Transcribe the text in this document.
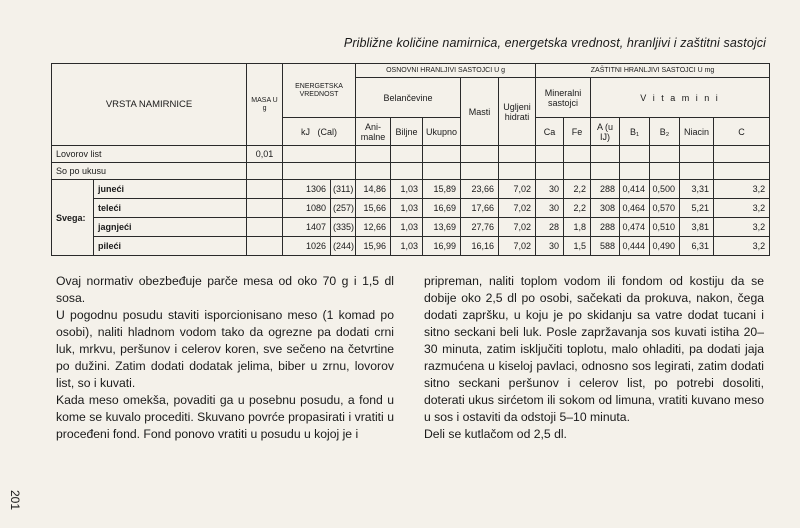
Približne količine namirnica, energetska vrednost, hranljivi i zaštitni sastojci
VRSTA NAMIRNICE		MASA U g	ENERGETSKA VREDNOST		OSNOVNI HRANLJIVI SASTOJCI U g					ZAŠTITNI HRANLJIVI SASTOJCI U mg						
					Belančevine			Masti	Ugljeni hidrati	Mineralni sastojci		V i t a m i n i				
			kJ   (Cal)		Ani- malne	Biljne	Ukupno			Ca	Fe	A (u IJ)	B₁	B₂	Niacin	C
Lovorov list		0,01														
So po ukusu																
Svega:	junеći		1306	(311)	14,86	1,03	15,89	23,66	7,02	30	2,2	288	0,414	0,500	3,31	3,2
	teleći		1080	(257)	15,66	1,03	16,69	17,66	7,02	30	2,2	308	0,464	0,570	5,21	3,2
	jagnjeći		1407	(335)	12,66	1,03	13,69	27,76	7,02	28	1,8	288	0,474	0,510	3,81	3,2
	pileći		1026	(244)	15,96	1,03	16,99	16,16	7,02	30	1,5	588	0,444	0,490	6,31	3,2

Ovaj normativ obezbeđuje parče mesa od oko 70 g i 1,5 dl sosa.

U pogodnu posudu staviti isporcionisano meso (1 komad po osobi), naliti hladnom vodom tako da ogrezne pa dodati crni luk, mrkvu, peršunov i celerov koren, sve sečeno na četvrtine po dužini. Zatim dodati dodatak jelima, biber u zrnu, lovorov list, so i kuvati.

Kada meso omekša, povaditi ga u posebnu posudu, a fond u kome se kuvalo proceditі. Skuvano povrće propasirati i vratiti u procеđeni fond. Fond ponovo vratiti u posudu u kojoj je i

pripreman, naliti toplom vodom ili fondom od kostiju da se dobije oko 2,5 dl po osobi, sačekati da prokuva, nakon, čega dodati zapršku, u koju je po skidanju sa vatre dodat tucani i sitno seckani beli luk. Posle zapržavanja sos kuvati istiha 20–30 minuta, zatim isključiti toplotu, malo ohladiti, pa dodati jaja razmućena u kiseloj pavlaci, odnosno sos legirati, zatim dodati sitno seckani peršunov i celerov list, po potrebi dosoliti, doterati ukus sirćetom ili sokom od limuna, vratiti kuvano meso u sos i ostaviti da odstoji 5–10 minuta.

Deli se kutlačom od 2,5 dl.

201
